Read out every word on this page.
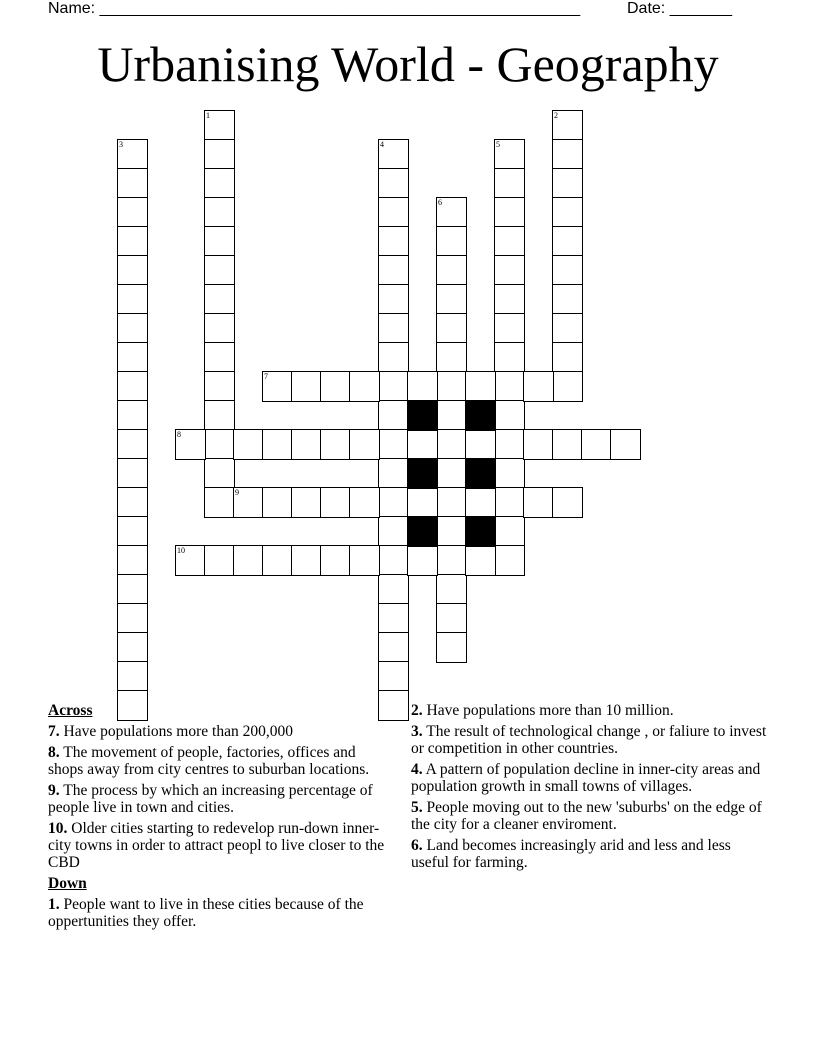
Name: ______________________________________________________	Date: _______
Urbanising World - Geography
1	2
3	4	5
6
7
8
9
10
Across
7. Have populations more than 200,000
8. The movement of people, factories, offices and shops away from city centres to suburban locations.
9. The process by which an increasing percentage of people live in town and cities.
10. Older cities starting to redevelop run-down inner-city towns in order to attract peopl to live closer to the CBD
Down
1. People want to live in these cities because of the oppertunities they offer.
2. Have populations more than 10 million.
3. The result of technological change , or faliure to invest or competition in other countries.
4. A pattern of population decline in inner-city areas and population growth in small towns of villages.
5. People moving out to the new 'suburbs' on the edge of the city for a cleaner enviroment.
6. Land becomes increasingly arid and less and less useful for farming.
